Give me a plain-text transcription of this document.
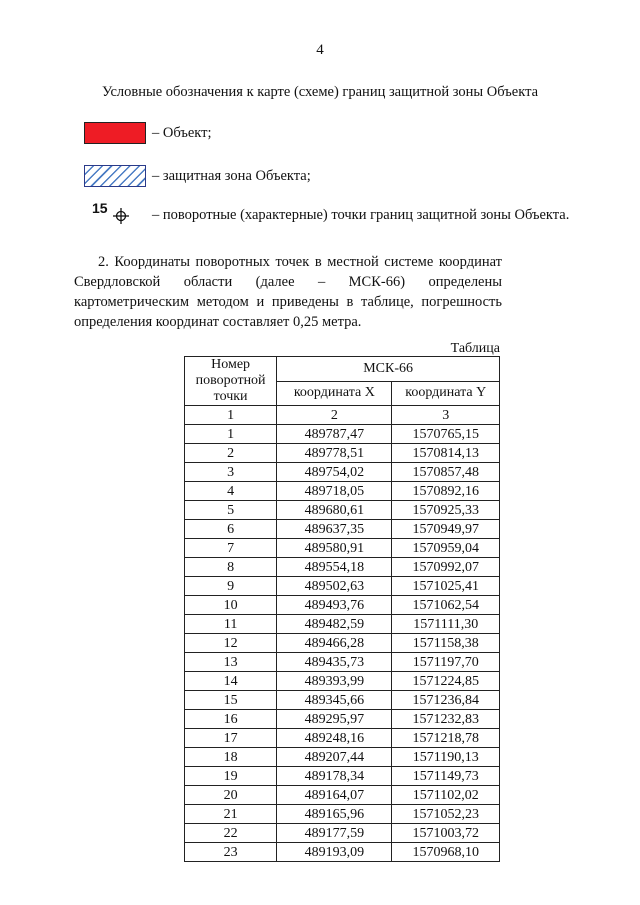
4
Условные обозначения к карте (схеме) границ защитной зоны Объекта
– Объект;
– защитная зона Объекта;
15	– поворотные (характерные) точки границ защитной зоны Объекта.
2. Координаты поворотных точек в местной системе координат Свердловской области (далее – МСК-66) определены картометрическим методом и приведены в таблице, погрешность определения координат составляет 0,25 метра.
Таблица
Номер поворотной точки	МСК-66	
	координата X	координата Y
1	2	3
1	489787,47	1570765,15
2	489778,51	1570814,13
3	489754,02	1570857,48
4	489718,05	1570892,16
5	489680,61	1570925,33
6	489637,35	1570949,97
7	489580,91	1570959,04
8	489554,18	1570992,07
9	489502,63	1571025,41
10	489493,76	1571062,54
11	489482,59	1571111,30
12	489466,28	1571158,38
13	489435,73	1571197,70
14	489393,99	1571224,85
15	489345,66	1571236,84
16	489295,97	1571232,83
17	489248,16	1571218,78
18	489207,44	1571190,13
19	489178,34	1571149,73
20	489164,07	1571102,02
21	489165,96	1571052,23
22	489177,59	1571003,72
23	489193,09	1570968,10
